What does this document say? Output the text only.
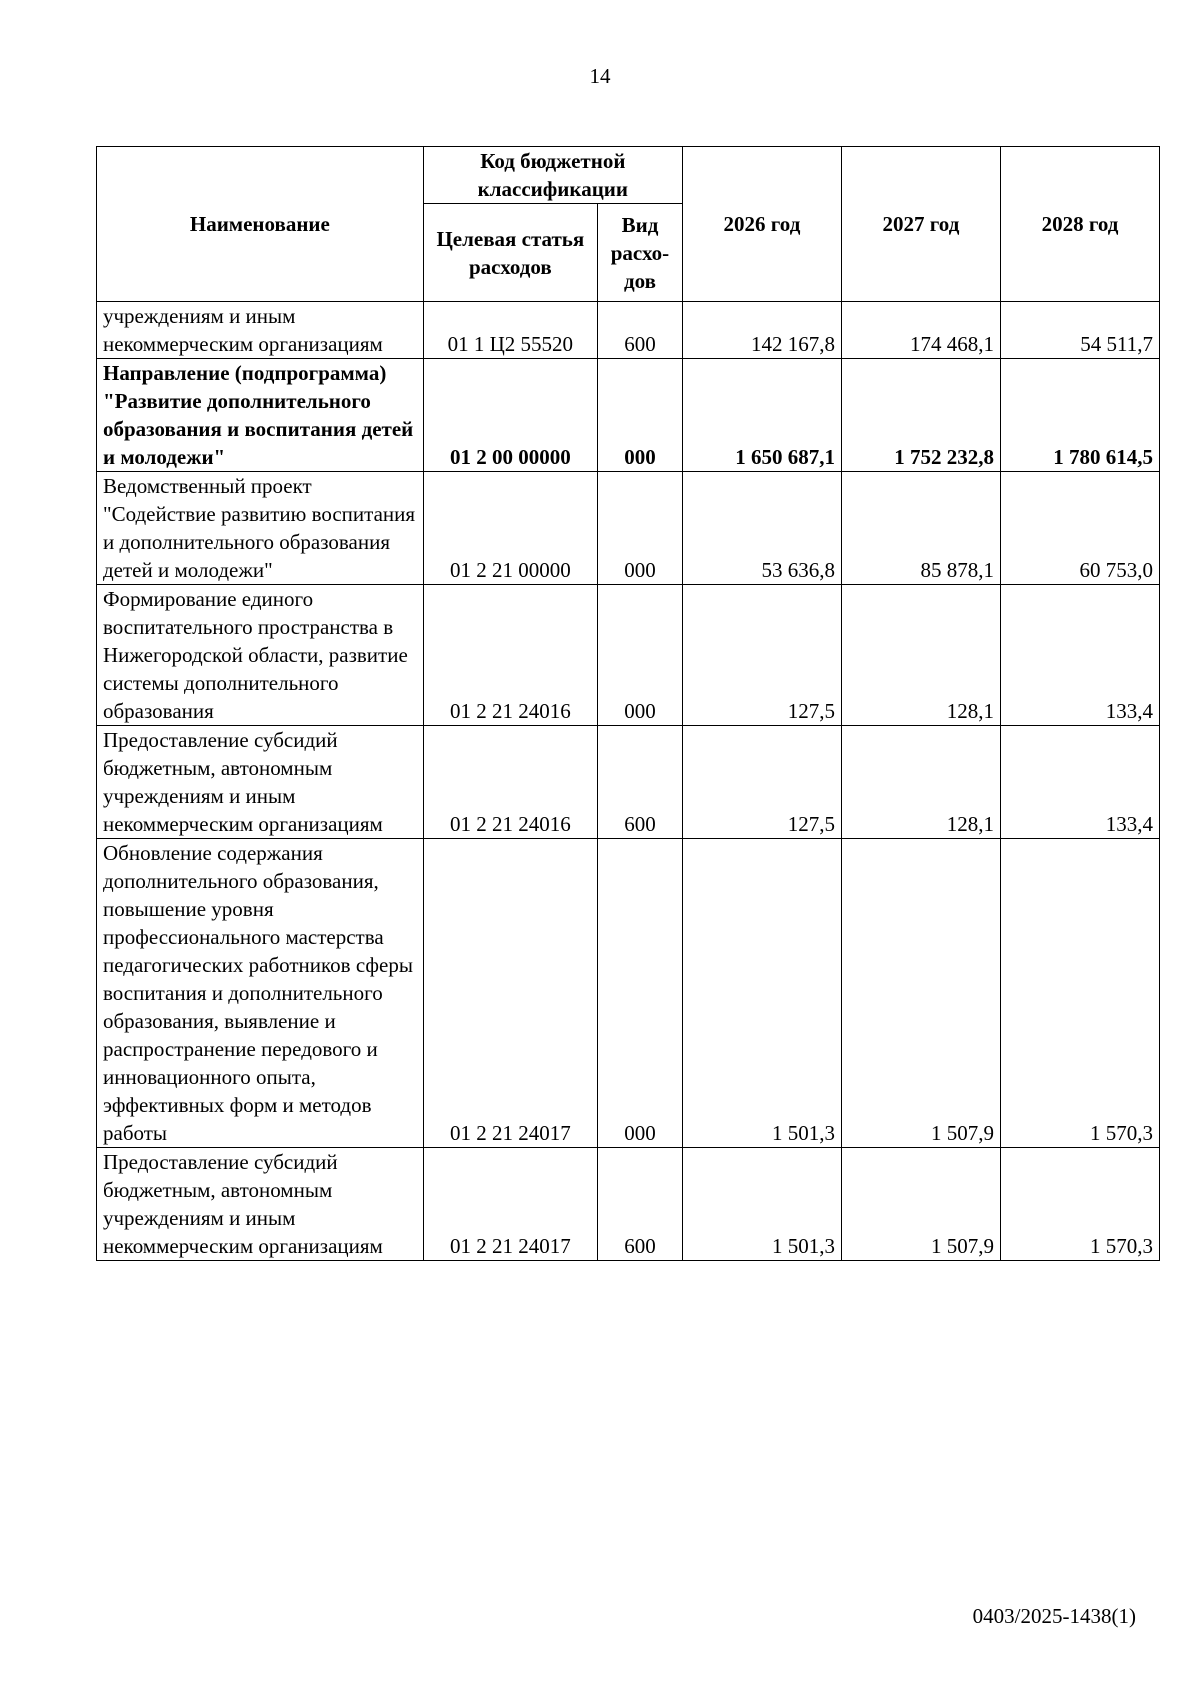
14
Наименование	Код бюджетной классификации		2026 год	2027 год	2028 год
	Целевая статья расходов	Вид расхо-дов			
учреждениям и иным некоммерческим организациям	01 1 Ц2 55520	600	142 167,8	174 468,1	54 511,7
Направление (подпрограмма) "Развитие дополнительного образования и воспитания детей и молодежи"	01 2 00 00000	000	1 650 687,1	1 752 232,8	1 780 614,5
Ведомственный проект "Содействие развитию воспитания и дополнительного образования детей и молодежи"	01 2 21 00000	000	53 636,8	85 878,1	60 753,0
Формирование единого воспитательного пространства в Нижегородской области, развитие системы дополнительного образования	01 2 21 24016	000	127,5	128,1	133,4
Предоставление субсидий бюджетным, автономным учреждениям и иным некоммерческим организациям	01 2 21 24016	600	127,5	128,1	133,4
Обновление содержания дополнительного образования, повышение уровня профессионального мастерства педагогических работников сферы воспитания и дополнительного образования, выявление и распространение передового и инновационного опыта, эффективных форм и методов работы	01 2 21 24017	000	1 501,3	1 507,9	1 570,3
Предоставление субсидий бюджетным, автономным учреждениям и иным некоммерческим организациям	01 2 21 24017	600	1 501,3	1 507,9	1 570,3
0403/2025-1438(1)
